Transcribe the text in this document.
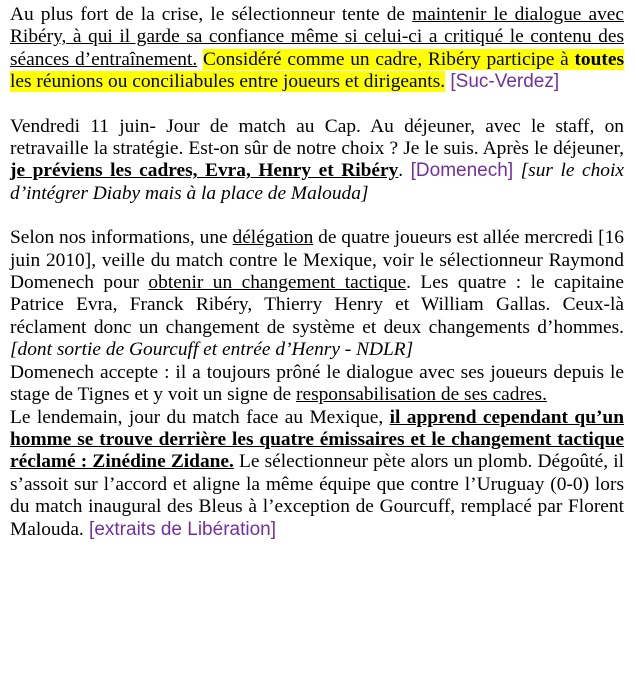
Au plus fort de la crise, le sélectionneur tente de maintenir le dialogue avec Ribéry, à qui il garde sa confiance même si celui-ci a critiqué le contenu des séances d’entraînement. Considéré comme un cadre, Ribéry participe à toutes les réunions ou conciliabules entre joueurs et dirigeants. [Suc-Verdez]

Vendredi 11 juin- Jour de match au Cap. Au déjeuner, avec le staff, on retravaille la stratégie. Est-on sûr de notre choix ? Je le suis. Après le déjeuner, je préviens les cadres, Evra, Henry et Ribéry. [Domenech] [sur le choix d’intégrer Diaby mais à la place de Malouda]

Selon nos informations, une délégation de quatre joueurs est allée mercredi [16 juin 2010], veille du match contre le Mexique, voir le sélectionneur Raymond Domenech pour obtenir un changement tactique. Les quatre : le capitaine Patrice Evra, Franck Ribéry, Thierry Henry et William Gallas. Ceux-là réclament donc un changement de système et deux changements d’hommes. [dont sortie de Gourcuff et entrée d’Henry - NDLR]

Domenech accepte : il a toujours prôné le dialogue avec ses joueurs depuis le stage de Tignes et y voit un signe de responsabilisation de ses cadres.

Le lendemain, jour du match face au Mexique, il apprend cependant qu’un homme se trouve derrière les quatre émissaires et le changement tactique réclamé : Zinédine Zidane. Le sélectionneur pète alors un plomb. Dégoûté, il s’assoit sur l’accord et aligne la même équipe que contre l’Uruguay (0-0) lors du match inaugural des Bleus à l’exception de Gourcuff, remplacé par Florent Malouda. [extraits de Libération]
